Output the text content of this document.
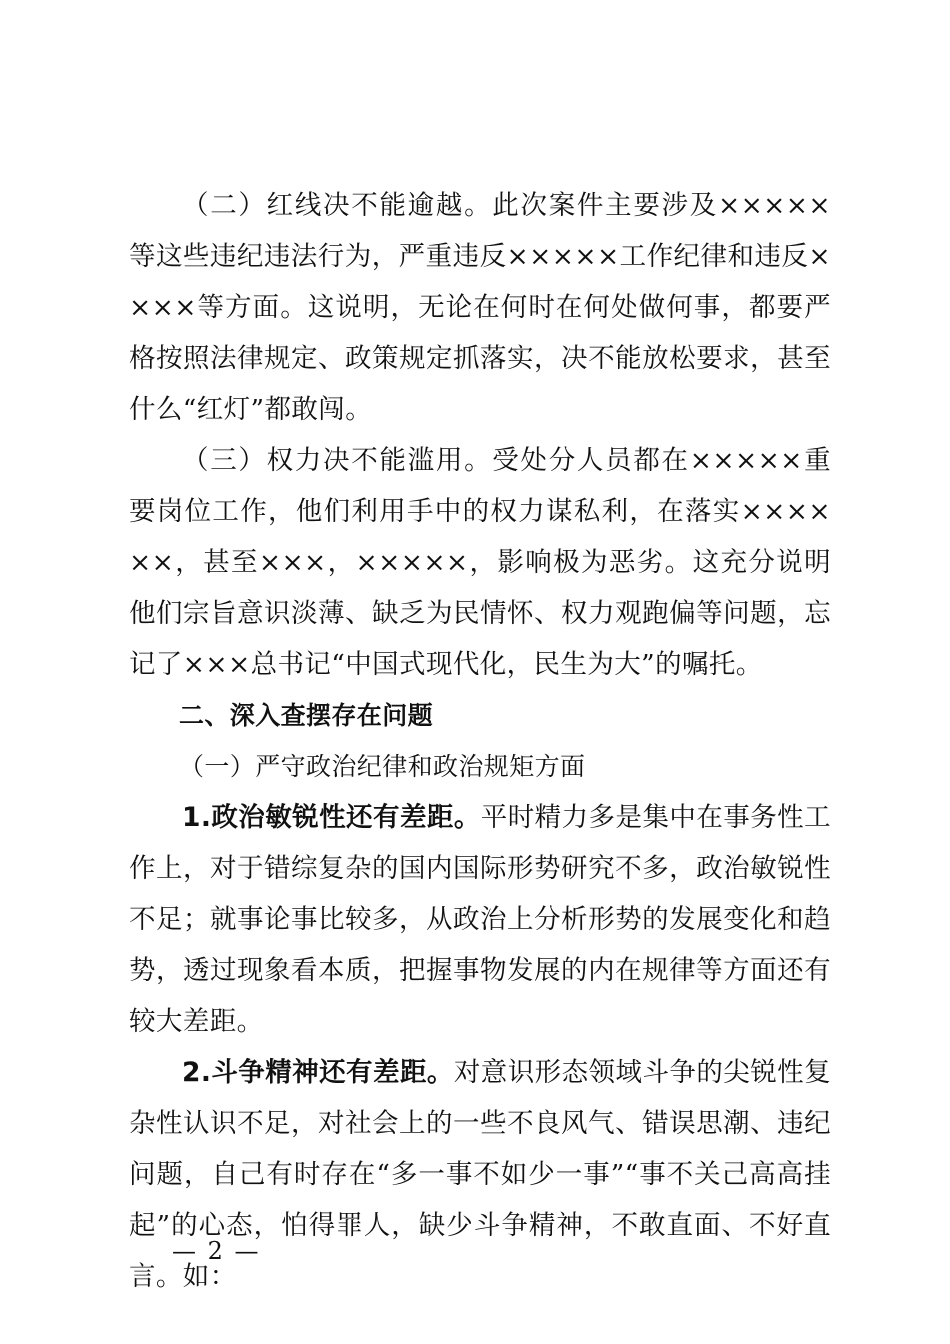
（二）红线决不能逾越。此次案件主要涉及×××××等这些违纪违法行为，严重违反×××××工作纪律和违反××××等方面。这说明，无论在何时在何处做何事，都要严格按照法律规定、政策规定抓落实，决不能放松要求，甚至什么“红灯”都敢闯。

（三）权力决不能滥用。受处分人员都在×××××重要岗位工作，他们利用手中的权力谋私利，在落实××××××，甚至×××，×××××，影响极为恶劣。这充分说明他们宗旨意识淡薄、缺乏为民情怀、权力观跑偏等问题，忘记了×××总书记“中国式现代化，民生为大”的嘱托。

二、深入查摆存在问题

（一）严守政治纪律和政治规矩方面

1.政治敏锐性还有差距。平时精力多是集中在事务性工作上，对于错综复杂的国内国际形势研究不多，政治敏锐性不足；就事论事比较多，从政治上分析形势的发展变化和趋势，透过现象看本质，把握事物发展的内在规律等方面还有较大差距。

2.斗争精神还有差距。对意识形态领域斗争的尖锐性复杂性认识不足，对社会上的一些不良风气、错误思潮、违纪问题，自己有时存在“多一事不如少一事”“事不关己高高挂起”的心态，怕得罪人，缺少斗争精神，不敢直面、不好直言。如：

— 2 —
